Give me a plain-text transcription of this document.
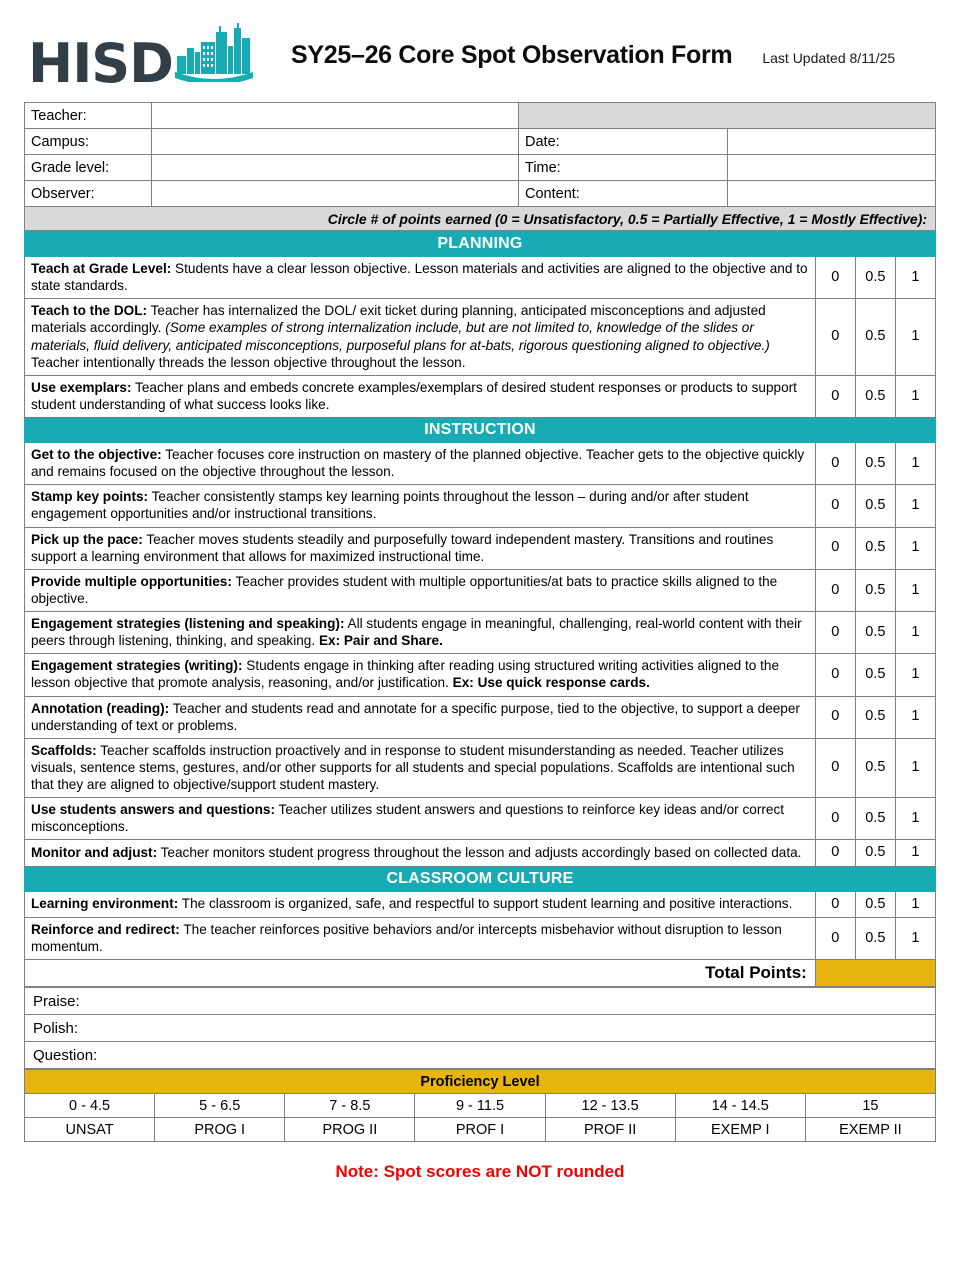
HISD	SY25–26 Core Spot Observation Form Last Updated 8/11/25
Teacher:			
Campus:		Date:	
Grade level:		Time:	
Observer:		Content:	
Circle # of points earned (0 = Unsatisfactory, 0.5 = Partially Effective, 1 = Mostly Effective):			
PLANNING			
Teach at Grade Level: Students have a clear lesson objective. Lesson materials and activities are aligned to the objective and to state standards.	0	0.5	1
Teach to the DOL: Teacher has internalized the DOL/ exit ticket during planning, anticipated misconceptions and adjusted materials accordingly. (Some examples of strong internalization include, but are not limited to, knowledge of the slides or materials, fluid delivery, anticipated misconceptions, purposeful plans for at-bats, rigorous questioning aligned to objective.) Teacher intentionally threads the lesson objective throughout the lesson.	0	0.5	1
Use exemplars: Teacher plans and embeds concrete examples/exemplars of desired student responses or products to support student understanding of what success looks like.	0	0.5	1
INSTRUCTION			
Get to the objective: Teacher focuses core instruction on mastery of the planned objective. Teacher gets to the objective quickly and remains focused on the objective throughout the lesson.	0	0.5	1
Stamp key points: Teacher consistently stamps key learning points throughout the lesson – during and/or after student engagement opportunities and/or instructional transitions.	0	0.5	1
Pick up the pace: Teacher moves students steadily and purposefully toward independent mastery. Transitions and routines support a learning environment that allows for maximized instructional time.	0	0.5	1
Provide multiple opportunities: Teacher provides student with multiple opportunities/at bats to practice skills aligned to the objective.	0	0.5	1
Engagement strategies (listening and speaking): All students engage in meaningful, challenging, real-world content with their peers through listening, thinking, and speaking. Ex: Pair and Share.	0	0.5	1
Engagement strategies (writing): Students engage in thinking after reading using structured writing activities aligned to the lesson objective that promote analysis, reasoning, and/or justification. Ex: Use quick response cards.	0	0.5	1
Annotation (reading): Teacher and students read and annotate for a specific purpose, tied to the objective, to support a deeper understanding of text or problems.	0	0.5	1
Scaffolds: Teacher scaffolds instruction proactively and in response to student misunderstanding as needed. Teacher utilizes visuals, sentence stems, gestures, and/or other supports for all students and special populations. Scaffolds are intentional such that they are aligned to objective/support student mastery.	0	0.5	1
Use students answers and questions: Teacher utilizes student answers and questions to reinforce key ideas and/or correct misconceptions.	0	0.5	1
Monitor and adjust: Teacher monitors student progress throughout the lesson and adjusts accordingly based on collected data.	0	0.5	1
CLASSROOM CULTURE			
Learning environment: The classroom is organized, safe, and respectful to support student learning and positive interactions.	0	0.5	1
Reinforce and redirect: The teacher reinforces positive behaviors and/or intercepts misbehavior without disruption to lesson momentum.	0	0.5	1
Total Points:			
Praise:
Polish:
Question:
Proficiency Level						
0 - 4.5	5 - 6.5	7 - 8.5	9 - 11.5	12 - 13.5	14 - 14.5	15
UNSAT	PROG I	PROG II	PROF I	PROF II	EXEMP I	EXEMP II
Note: Spot scores are NOT rounded
